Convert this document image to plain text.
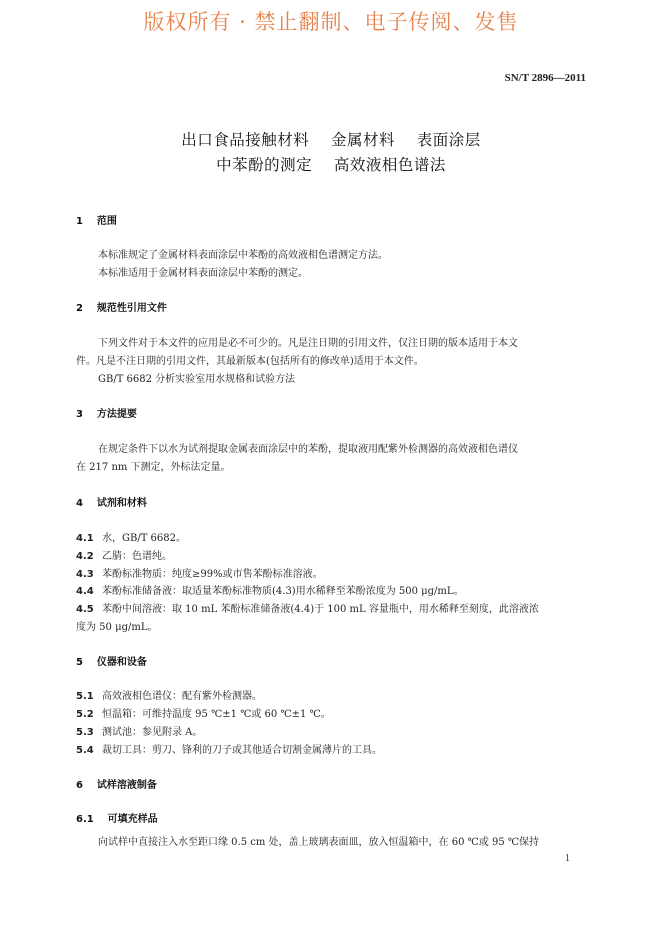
版权所有 · 禁止翻制、电子传阅、发售
SN/T 2896—2011
出口食品接触材料    金属材料    表面涂层
中苯酚的测定    高效液相色谱法
1    范围
本标准规定了金属材料表面涂层中苯酚的高效液相色谱测定方法。
本标准适用于金属材料表面涂层中苯酚的测定。
2    规范性引用文件
下列文件对于本文件的应用是必不可少的。凡是注日期的引用文件，仅注日期的版本适用于本文
件。凡是不注日期的引用文件，其最新版本(包括所有的修改单)适用于本文件。
GB/T 6682 分析实验室用水规格和试验方法
3    方法提要
在规定条件下以水为试剂提取金属表面涂层中的苯酚，提取液用配紫外检测器的高效液相色谱仪
在 217 nm 下测定，外标法定量。
4    试剂和材料
4.1 水，GB/T 6682。
4.2 乙腈：色谱纯。
4.3 苯酚标准物质：纯度≥99%或市售苯酚标准溶液。
4.4 苯酚标准储备液：取适量苯酚标准物质(4.3)用水稀释至苯酚浓度为 500 μg/mL。
4.5 苯酚中间溶液：取 10 mL 苯酚标准储备液(4.4)于 100 mL 容量瓶中，用水稀释至刻度，此溶液浓
度为 50 μg/mL。
5    仪器和设备
5.1 高效液相色谱仪：配有紫外检测器。
5.2 恒温箱：可维持温度 95 ℃±1 ℃或 60 ℃±1 ℃。
5.3 测试池：参见附录 A。
5.4 裁切工具：剪刀、锋利的刀子或其他适合切割金属薄片的工具。
6    试样溶液制备
6.1    可填充样品
向试样中直接注入水至距口缘 0.5 cm 处，盖上玻璃表面皿，放入恒温箱中，在 60 ℃或 95 ℃保持
1
